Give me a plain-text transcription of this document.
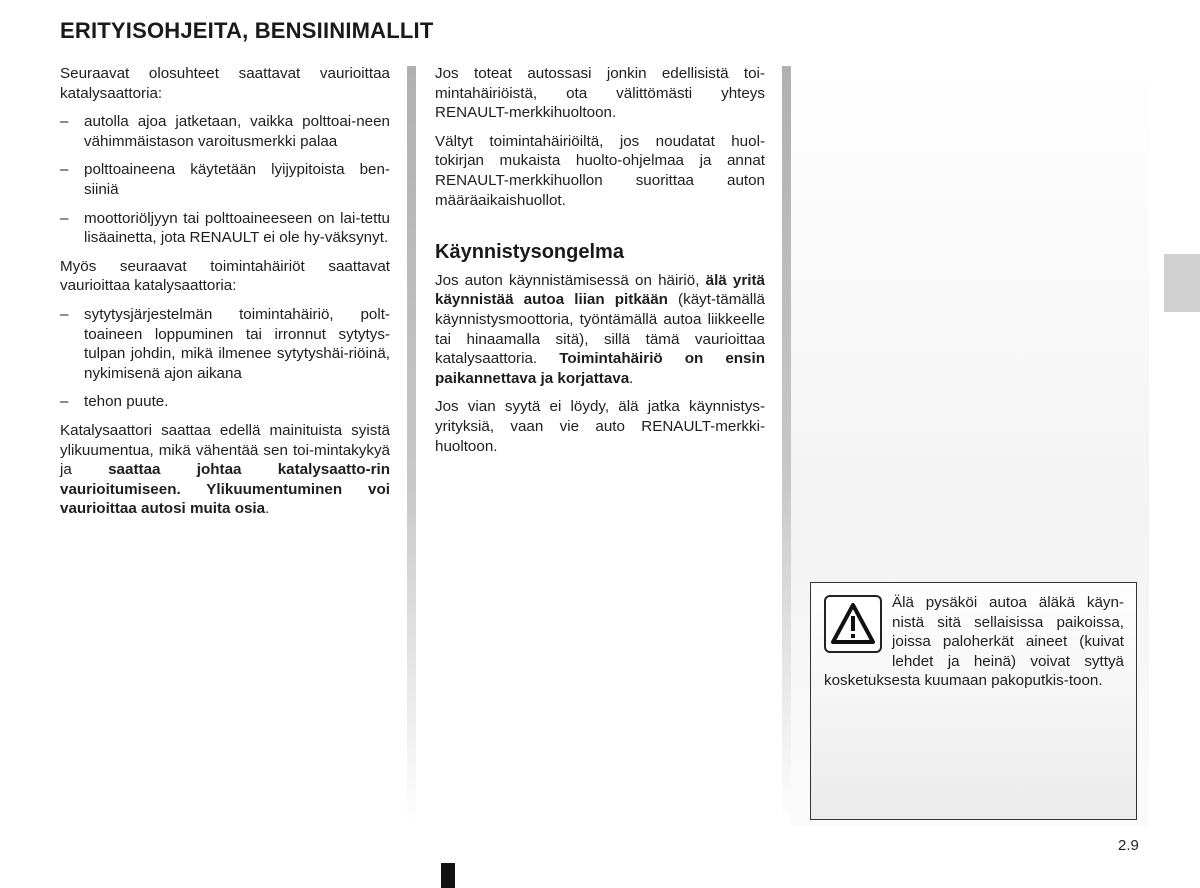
ERITYISOHJEITA, BENSIINIMALLIT

Seuraavat olosuhteet saattavat vaurioittaa katalysaattoria:

– autolla ajoa jatketaan, vaikka polttoai-neen vähimmäistason varoitusmerkki palaa
– polttoaineena käytetään lyijypitoista ben-siiniä
– moottoriöljyyn tai polttoaineeseen on lai-tettu lisäainetta, jota RENAULT ei ole hy-väksynyt.

Myös seuraavat toimintahäiriöt saattavat vaurioittaa katalysaattoria:

– sytytysjärjestelmän toimintahäiriö, polt-toaineen loppuminen tai irronnut sytytys-tulpan johdin, mikä ilmenee sytytyshäi-riöinä, nykimisenä ajon aikana
– tehon puute.

Katalysaattori saattaa edellä mainituista syistä ylikuumentua, mikä vähentää sen toi-mintakykyä ja saattaa johtaa katalysaatto-rin vaurioitumiseen. Ylikuumentuminen voi vaurioittaa autosi muita osia.

Jos toteat autossasi jonkin edellisistä toi-mintahäiriöistä, ota välittömästi yhteys RENAULT-merkkihuoltoon.

Vältyt toimintahäiriöiltä, jos noudatat huol-tokirjan mukaista huolto-ohjelmaa ja annat RENAULT-merkkihuollon suorittaa auton määräaikaishuollot.

Käynnistysongelma

Jos auton käynnistämisessä on häiriö, älä yritä käynnistää autoa liian pitkään (käyt-tämällä käynnistysmoottoria, työntämällä autoa liikkeelle tai hinaamalla sitä), sillä tämä vaurioittaa katalysaattoria. Toimintahäiriö on ensin paikannettava ja korjattava.

Jos vian syytä ei löydy, älä jatka käynnistys-yrityksiä, vaan vie auto RENAULT-merkki-huoltoon.

Älä pysäköi autoa äläkä käyn-nistä sitä sellaisissa paikoissa, joissa paloherkät aineet (kuivat lehdet ja heinä) voivat syttyä kosketuksesta kuumaan pakoputkis-toon.
2.9
